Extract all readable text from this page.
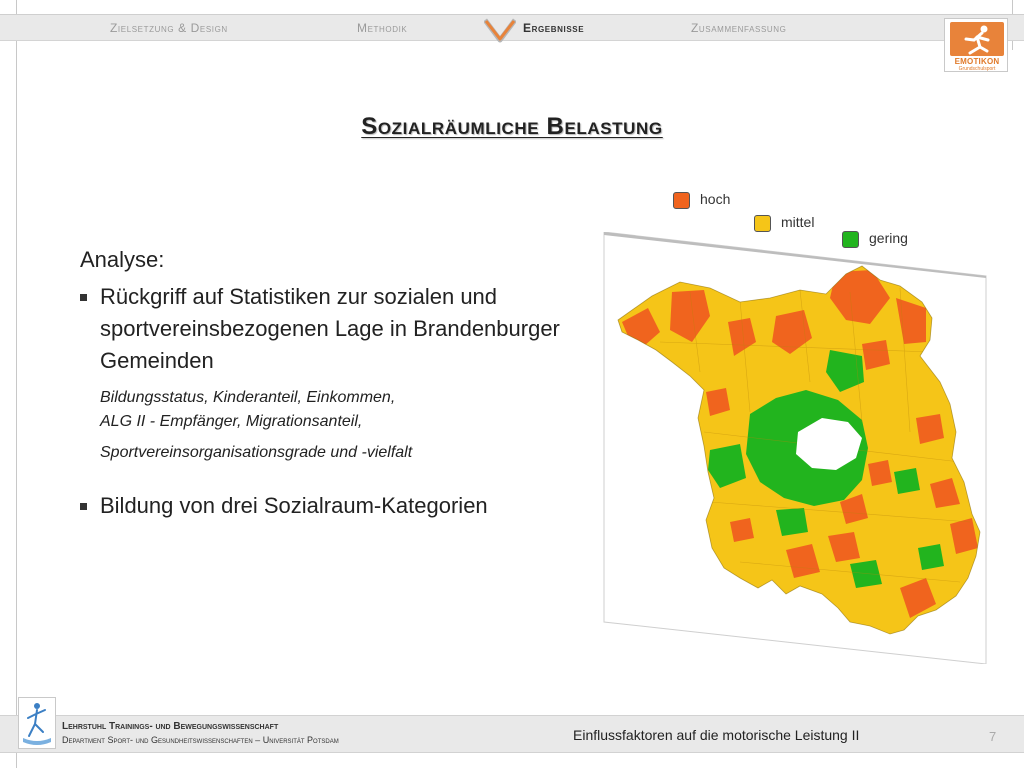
Zielsetzung & Design	Methodik	Ergebnisse	Zusammenfassung
EMOTIKON
Grundschulsport
Sozialräumliche Belastung
Analyse:
Rückgriff auf Statistiken zur sozialen und sportvereinsbezogenen Lage in Brandenburger Gemeinden
Bildungsstatus, Kinderanteil, Einkommen,
ALG II - Empfänger, Migrationsanteil,
Sportvereinsorganisationsgrade und -vielfalt
Bildung von drei Sozialraum-Kategorien
hoch
mittel
gering
Lehrstuhl Trainings- und Bewegungswissenschaft
Department Sport- und Gesundheitswissenschaften – Universität Potsdam	Einflussfaktoren auf die motorische Leistung II	7
